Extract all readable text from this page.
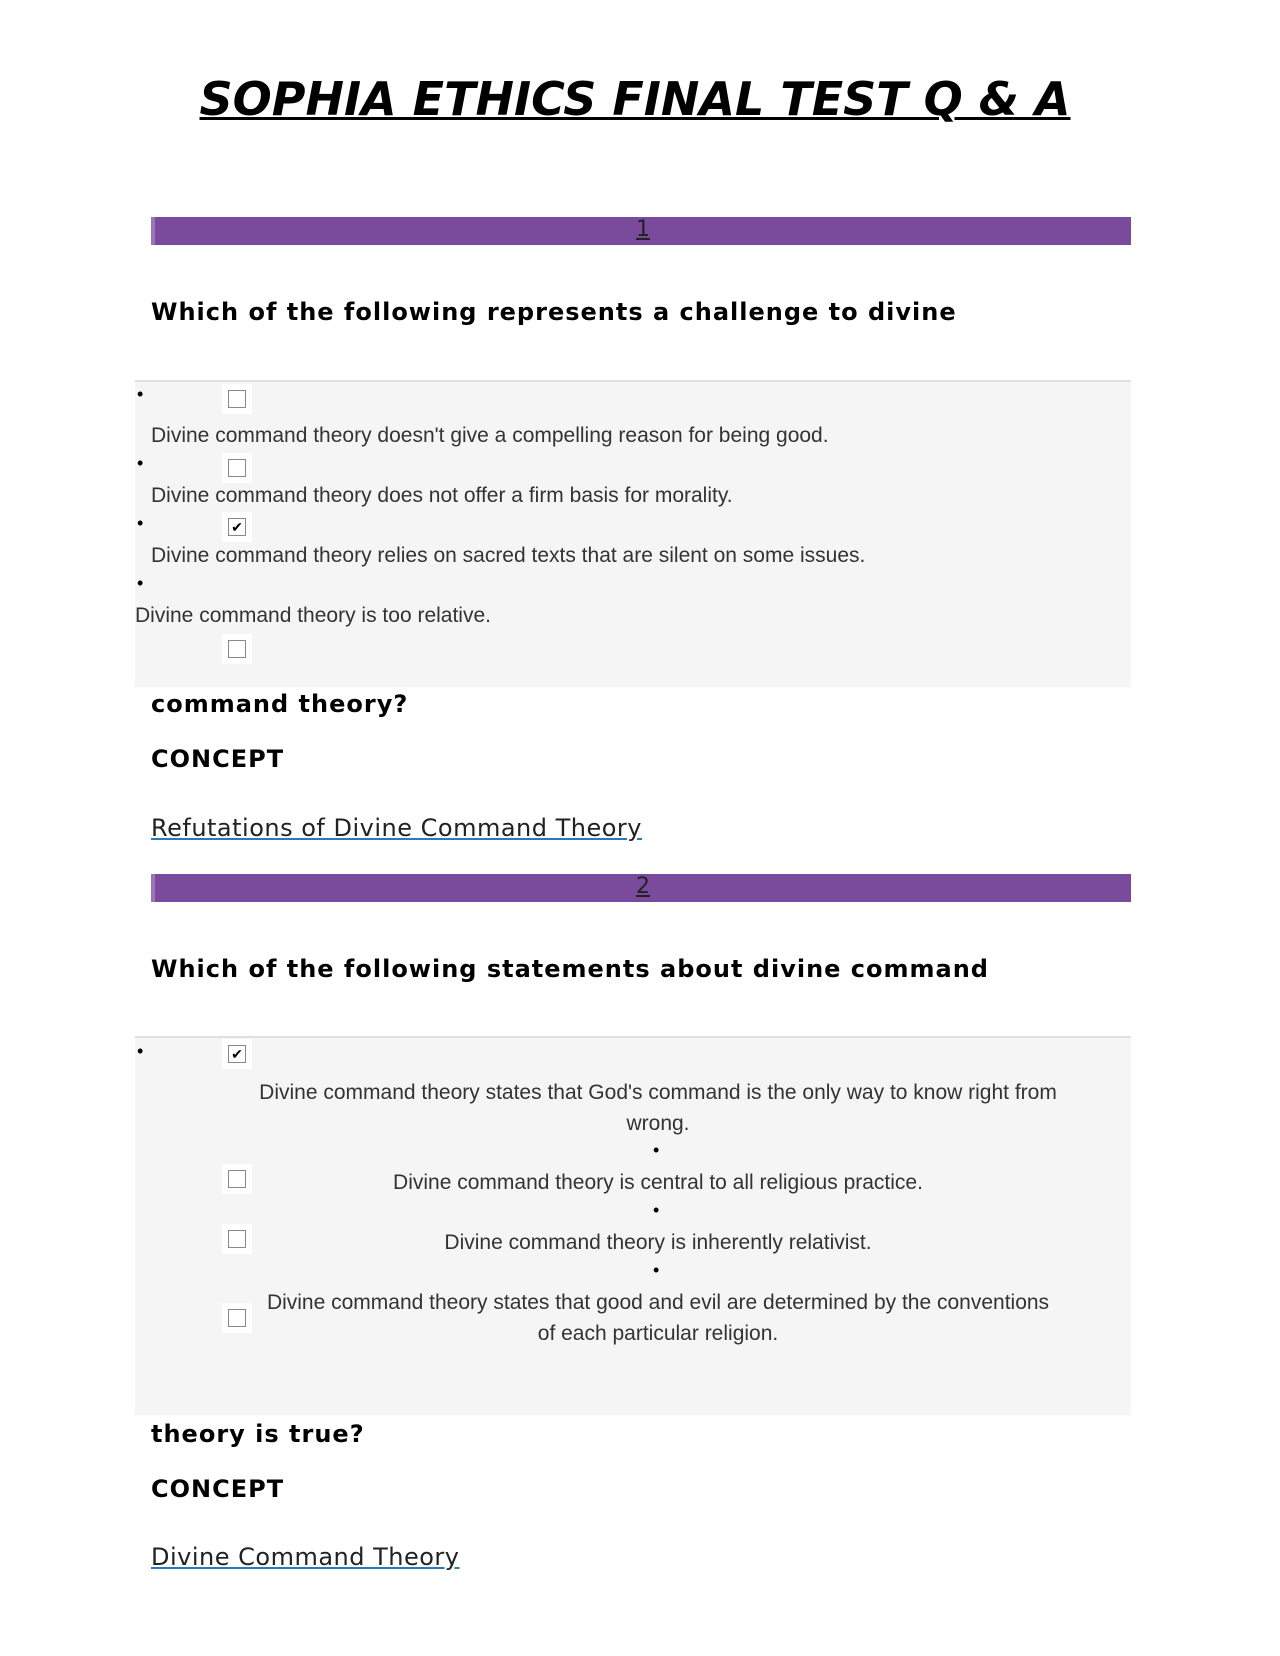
SOPHIA ETHICS FINAL TEST Q & A
1
Which of the following represents a challenge to divine
•
•
•
•
✔
Divine command theory doesn't give a compelling reason for being good.
Divine command theory does not offer a firm basis for morality.
Divine command theory relies on sacred texts that are silent on some issues.
Divine command theory is too relative.
command theory?
CONCEPT
Refutations of Divine Command Theory
2
Which of the following statements about divine command
•
•
•
•
✔
Divine command theory states that God's command is the only way to know right from wrong.
Divine command theory is central to all religious practice.
Divine command theory is inherently relativist.
Divine command theory states that good and evil are determined by the conventions of each particular religion.
theory is true?
CONCEPT
Divine Command Theory
